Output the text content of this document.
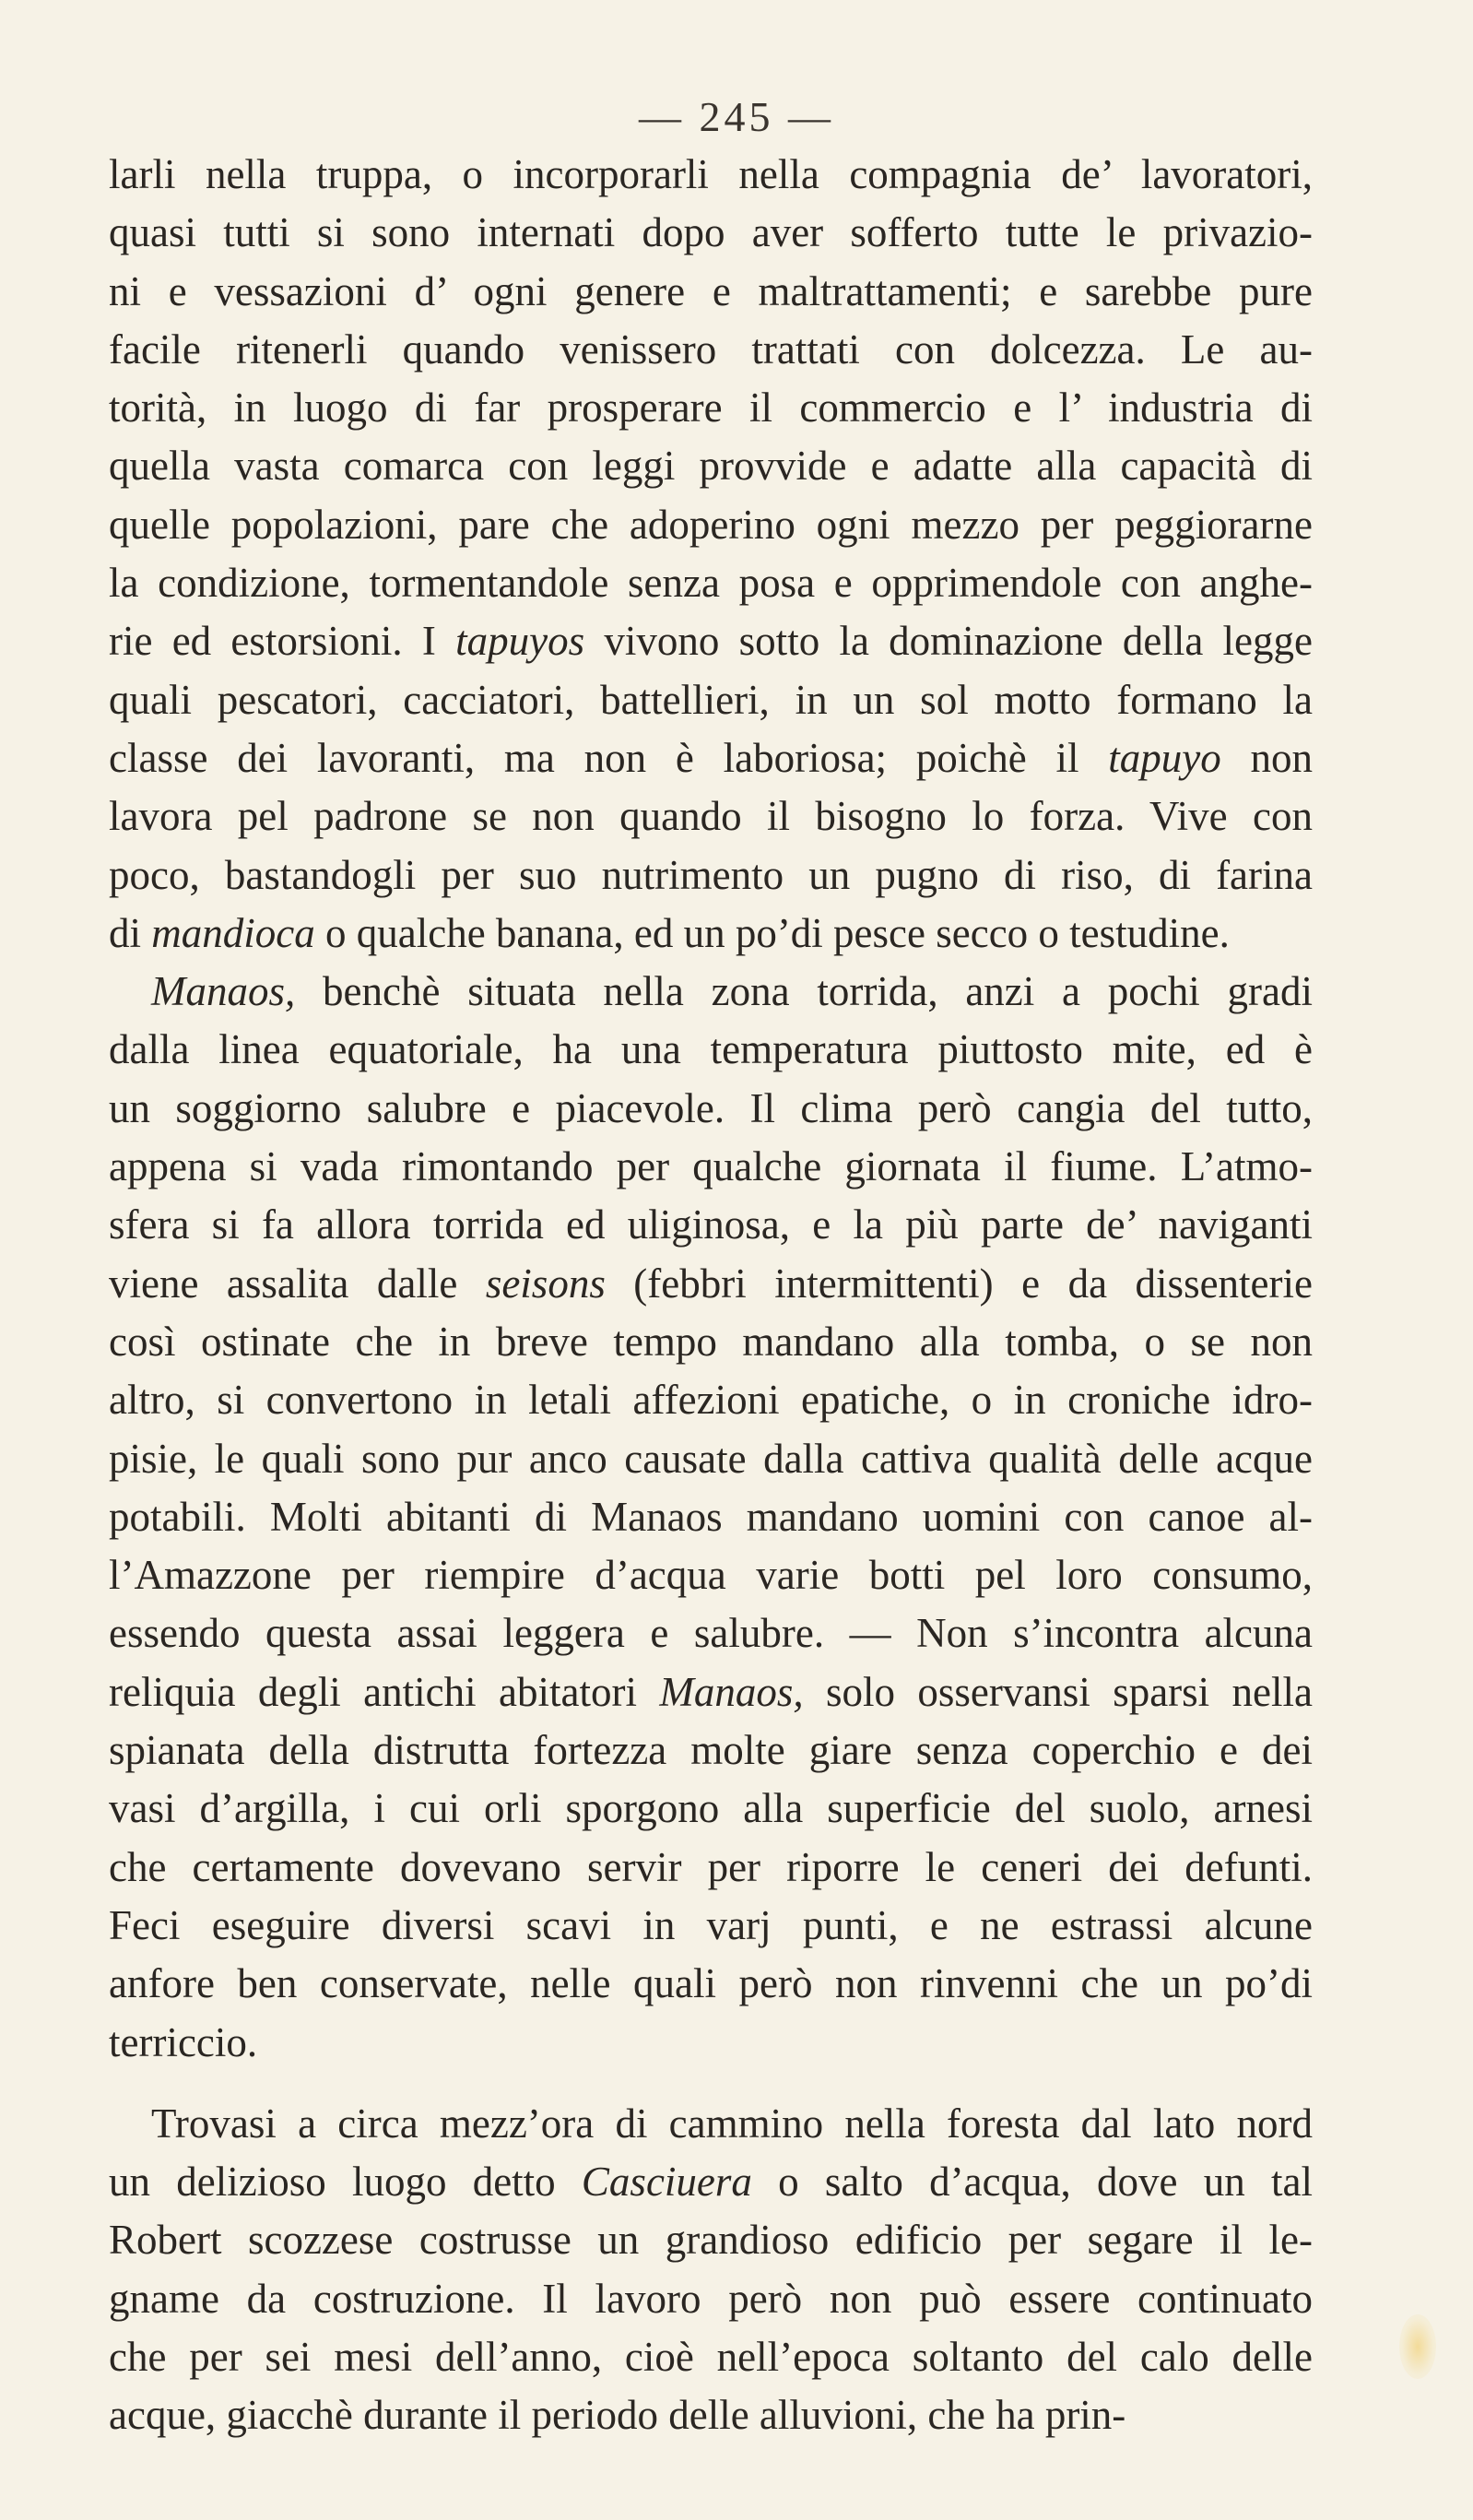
— 245 —
larli nella truppa, o incorporarli nella compagnia de’ lavoratori,
quasi tutti si sono internati dopo aver sofferto tutte le privazio-
ni e vessazioni d’ ogni genere e maltrattamenti; e sarebbe pure
facile ritenerli quando venissero trattati con dolcezza. Le au-
torità, in luogo di far prosperare il commercio e l’ industria di
quella vasta comarca con leggi provvide e adatte alla capacità di
quelle popolazioni, pare che adoperino ogni mezzo per peggiorarne
la condizione, tormentandole senza posa e opprimendole con anghe-
rie ed estorsioni. I tapuyos vivono sotto la dominazione della legge
quali pescatori, cacciatori, battellieri, in un sol motto formano la
classe dei lavoranti, ma non è laboriosa; poichè il tapuyo non
lavora pel padrone se non quando il bisogno lo forza. Vive con
poco, bastandogli per suo nutrimento un pugno di riso, di farina
di mandioca o qualche banana, ed un po’di pesce secco o testudine.
Manaos, benchè situata nella zona torrida, anzi a pochi gradi
dalla linea equatoriale, ha una temperatura piuttosto mite, ed è
un soggiorno salubre e piacevole. Il clima però cangia del tutto,
appena si vada rimontando per qualche giornata il fiume. L’atmo-
sfera si fa allora torrida ed uliginosa, e la più parte de’ naviganti
viene assalita dalle seisons (febbri intermittenti) e da dissenterie
così ostinate che in breve tempo mandano alla tomba, o se non
altro, si convertono in letali affezioni epatiche, o in croniche idro-
pisie, le quali sono pur anco causate dalla cattiva qualità delle acque
potabili. Molti abitanti di Manaos mandano uomini con canoe al-
l’Amazzone per riempire d’acqua varie botti pel loro consumo,
essendo questa assai leggera e salubre. — Non s’incontra alcuna
reliquia degli antichi abitatori Manaos, solo osservansi sparsi nella
spianata della distrutta fortezza molte giare senza coperchio e dei
vasi d’argilla, i cui orli sporgono alla superficie del suolo, arnesi
che certamente dovevano servir per riporre le ceneri dei defunti.
Feci eseguire diversi scavi in varj punti, e ne estrassi alcune
anfore ben conservate, nelle quali però non rinvenni che un po’di
terriccio.
Trovasi a circa mezz’ora di cammino nella foresta dal lato nord
un delizioso luogo detto Casciuera o salto d’acqua, dove un tal
Robert scozzese costrusse un grandioso edificio per segare il le-
gname da costruzione. Il lavoro però non può essere continuato
che per sei mesi dell’anno, cioè nell’epoca soltanto del calo delle
acque, giacchè durante il periodo delle alluvioni, che ha prin-
